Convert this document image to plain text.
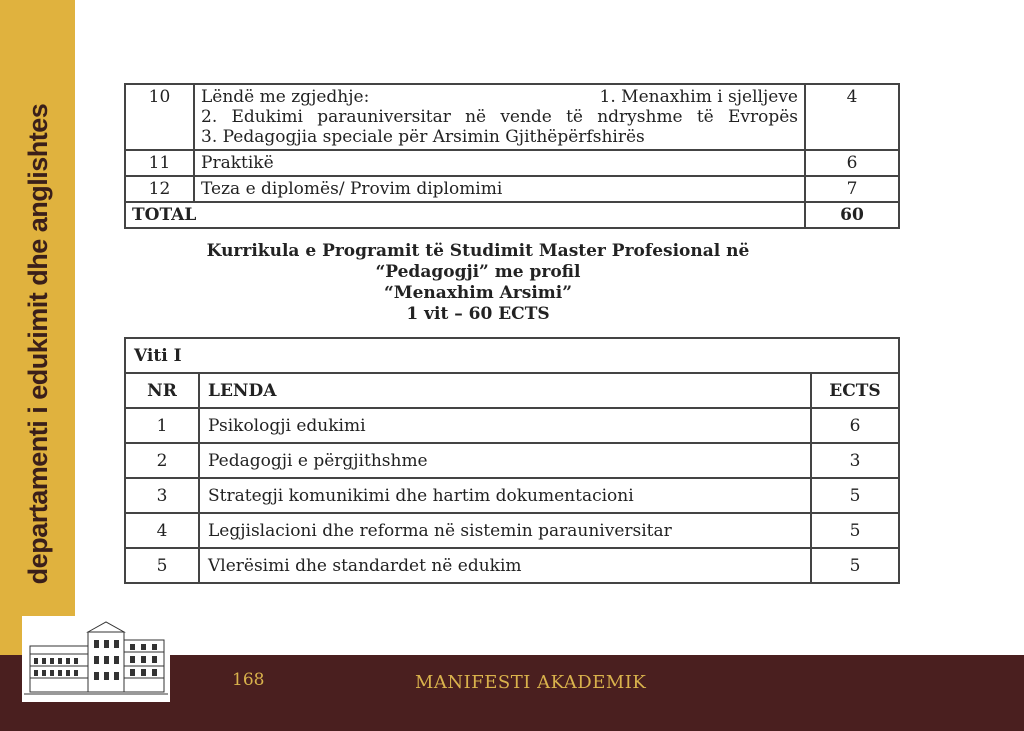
departamenti i edukimit dhe anglishtes
10	Lëndë me zgjedhje: 1. Menaxhim i sjelljeve
2. Edukimi parauniversitar në vende të ndryshme të Evropës
3. Pedagogjia speciale për Arsimin Gjithëpërfshirës	4
11	Praktikë	6
12	Teza e diplomës/ Provim diplomimi	7
TOTAL		60
Kurrikula e Programit të Studimit Master Profesional në
“Pedagogji” me profil
“Menaxhim Arsimi”
1 vit – 60 ECTS
Viti I		
NR	LENDA	ECTS
1	Psikologji edukimi	6
2	Pedagogji e përgjithshme	3
3	Strategji komunikimi dhe hartim dokumentacioni	5
4	Legjislacioni dhe reforma në sistemin parauniversitar	5
5	Vlerësimi dhe standardet në edukim	5
168	MANIFESTI AKADEMIK
